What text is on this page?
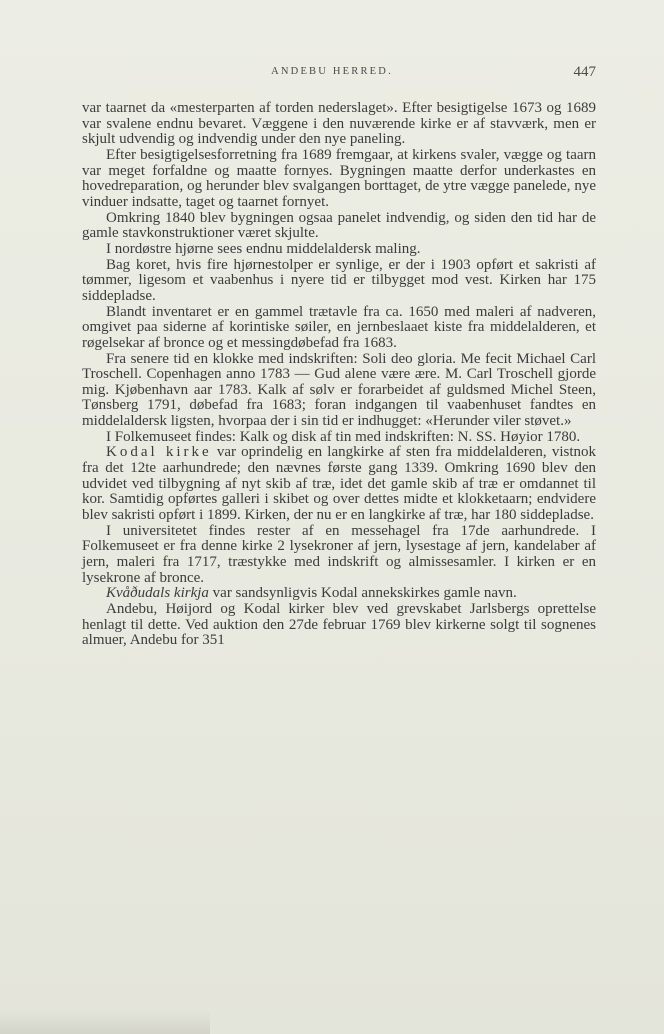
ANDEBU HERRED.	447

var taarnet da «mesterparten af torden nederslaget». Efter besigtigelse 1673 og 1689 var svalene endnu bevaret. Væggene i den nuværende kirke er af stavværk, men er skjult udvendig og indvendig under den nye paneling.

Efter besigtigelsesforretning fra 1689 fremgaar, at kirkens svaler, vægge og taarn var meget forfaldne og maatte fornyes. Bygningen maatte derfor underkastes en hovedreparation, og herunder blev svalgangen borttaget, de ytre vægge panelede, nye vinduer indsatte, taget og taarnet fornyet.

Omkring 1840 blev bygningen ogsaa panelet indvendig, og siden den tid har de gamle stavkonstruktioner været skjulte.

I nordøstre hjørne sees endnu middelaldersk maling.

Bag koret, hvis fire hjørnestolper er synlige, er der i 1903 opført et sakristi af tømmer, ligesom et vaabenhus i nyere tid er tilbygget mod vest. Kirken har 175 siddepladse.

Blandt inventaret er en gammel trætavle fra ca. 1650 med maleri af nadveren, omgivet paa siderne af korintiske søiler, en jernbeslaaet kiste fra middelalderen, et røgelsekar af bronce og et messingdøbefad fra 1683.

Fra senere tid en klokke med indskriften: Soli deo gloria. Me fecit Michael Carl Troschell. Copenhagen anno 1783 — Gud alene være ære. M. Carl Troschell gjorde mig. Kjøbenhavn aar 1783. Kalk af sølv er forarbeidet af guldsmed Michel Steen, Tønsberg 1791, døbefad fra 1683; foran indgangen til vaabenhuset fandtes en middelaldersk ligsten, hvorpaa der i sin tid er indhugget: «Herunder viler støvet.»

I Folkemuseet findes: Kalk og disk af tin med indskriften: N. SS. Høyior 1780.

Kodal kirke var oprindelig en langkirke af sten fra middelalderen, vistnok fra det 12te aarhundrede; den nævnes første gang 1339. Omkring 1690 blev den udvidet ved tilbygning af nyt skib af træ, idet det gamle skib af træ er omdannet til kor. Samtidig opførtes galleri i skibet og over dettes midte et klokketaarn; endvidere blev sakristi opført i 1899. Kirken, der nu er en langkirke af træ, har 180 siddepladse.

I universitetet findes rester af en messehagel fra 17de aarhundrede. I Folkemuseet er fra denne kirke 2 lysekroner af jern, lysestage af jern, kandelaber af jern, maleri fra 1717, træstykke med indskrift og almissesamler. I kirken er en lysekrone af bronce.

Kvåðudals kirkja var sandsynligvis Kodal annekskirkes gamle navn.

Andebu, Høijord og Kodal kirker blev ved grevskabet Jarlsbergs oprettelse henlagt til dette. Ved auktion den 27de februar 1769 blev kirkerne solgt til sognenes almuer, Andebu for 351
